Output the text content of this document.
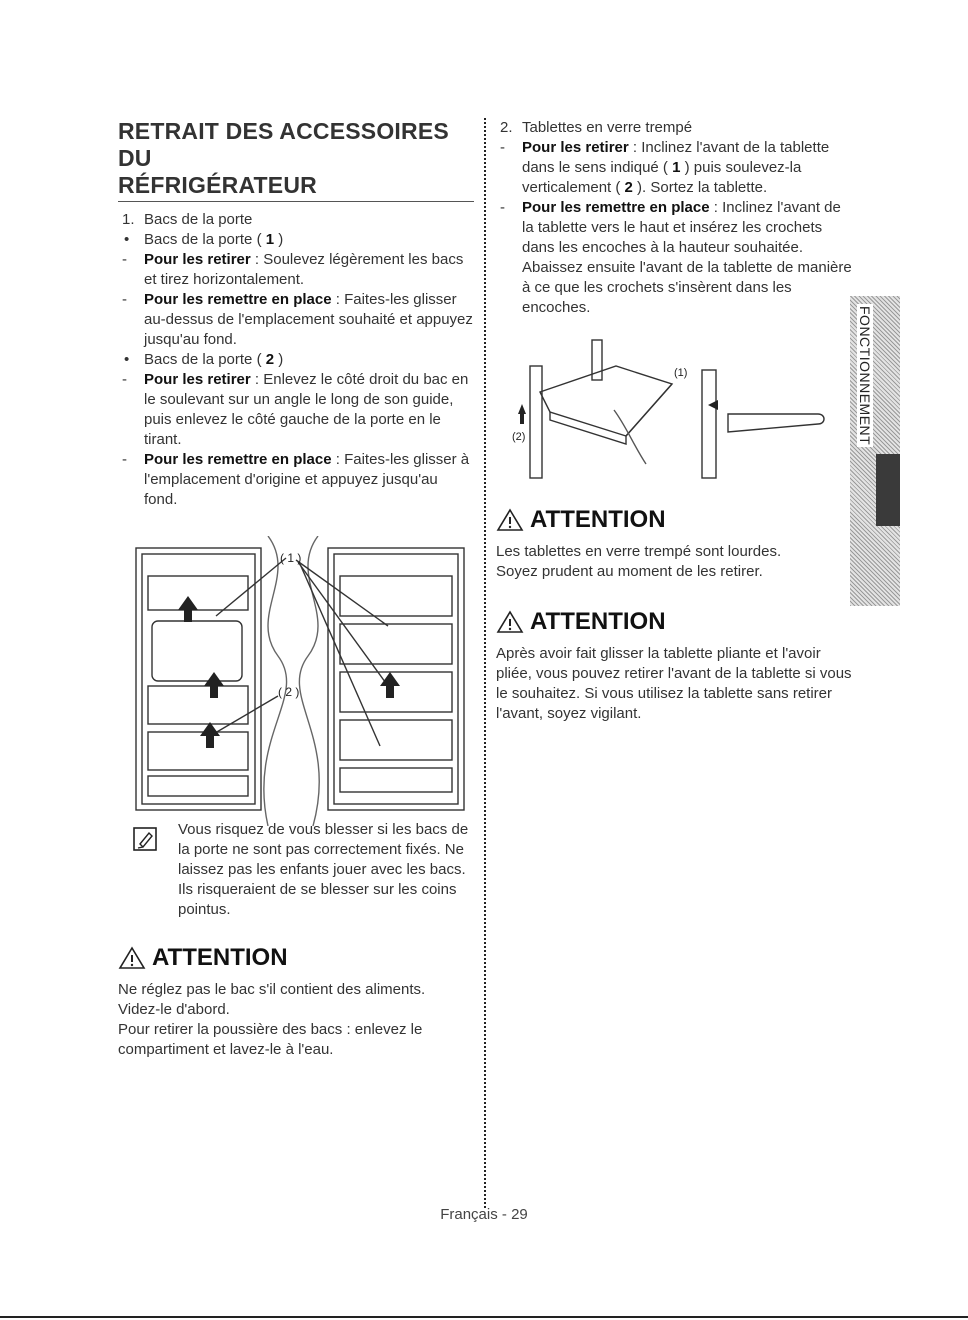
RETRAIT DES ACCESSOIRES DU
RÉFRIGÉRATEUR
1. Bacs de la porte
• Bacs de la porte ( 1 )
- Pour les retirer : Soulevez légèrement les bacs et tirez horizontalement.
- Pour les remettre en place : Faites-les glisser au-dessus de l'emplacement souhaité et appuyez jusqu'au fond.
• Bacs de la porte ( 2 )
- Pour les retirer : Enlevez le côté droit du bac en le soulevant sur un angle le long de son guide, puis enlevez le côté gauche de la porte en le tirant.
- Pour les remettre en place : Faites-les glisser à l'emplacement d'origine et appuyez jusqu'au fond.
( 1 )
( 2 )

Vous risquez de vous blesser si les bacs de la porte ne sont pas correctement fixés. Ne laissez pas les enfants jouer avec les bacs. Ils risqueraient de se blesser sur les coins pointus.

ATTENTION

Ne réglez pas le bac s'il contient des aliments.
Videz-le d'abord.
Pour retirer la poussière des bacs : enlevez le compartiment et lavez-le à l'eau.

2. Tablettes en verre trempé
- Pour les retirer : Inclinez l'avant de la tablette dans le sens indiqué ( 1 ) puis soulevez-la verticalement ( 2 ). Sortez la tablette.
- Pour les remettre en place : Inclinez l'avant de la tablette vers le haut et insérez les crochets dans les encoches à la hauteur souhaitée. Abaissez ensuite l'avant de la tablette de manière à ce que les crochets s'insèrent dans les encoches.
(1)
(2)
ATTENTION

Les tablettes en verre trempé sont lourdes. Soyez prudent au moment de les retirer.

ATTENTION

Après avoir fait glisser la tablette pliante et l'avoir pliée, vous pouvez retirer l'avant de la tablette si vous le souhaitez. Si vous utilisez la tablette sans retirer l'avant, soyez vigilant.

FONCTIONNEMENT
Français - 29
